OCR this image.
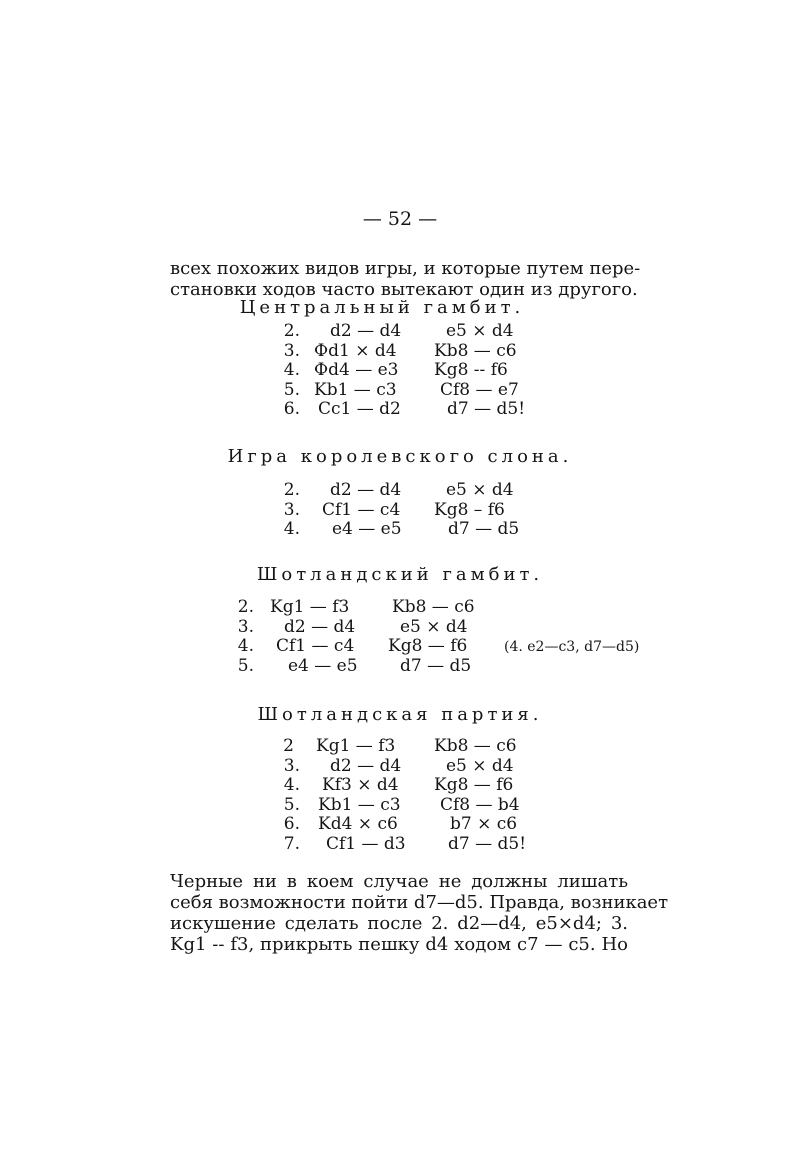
— 52 —
всех похожих видов игры, и которые путем пере-
становки ходов часто вытекают один из другого.
Центральный гамбит.
2. d2 — d4	e5 × d4
3. Фd1 × d4 Kb8 — c6
4. Фd4 — e3 Kg8 -- f6
5. Kb1 — c3	Cf8 — e7
6. Cc1 — d2	d7 — d5!
Игра королевского слона.
2. d2 — d4	e5 × d4
3. Cf1 — c4 Kg8 – f6
4. e4 — e5	d7 — d5
Шотландский гамбит.
2. Kg1 — f3	Kb8 — c6
3. d2 — d4	e5 × d4
4. Cf1 — c4 Kg8 — f6	(4. e2—c3, d7—d5)
5. e4 — e5 d7 — d5
Шотландская партия.
2 Kg1 — f3 Kb8 — c6
3. d2 — d4	e5 × d4
4. Kf3 × d4 Kg8 — f6
5. Kb1 — c3 Cf8 — b4
6. Kd4 × c6	b7 × c6
7. Cf1 — d3 d7 — d5!
Черные ни в коем случае не должны лишать
себя возможности пойти d7—d5. Правда, возникает
искушение сделать после 2. d2—d4, e5×d4; 3.
Kg1 -- f3, прикрыть пешку d4 ходом c7 — c5. Но
